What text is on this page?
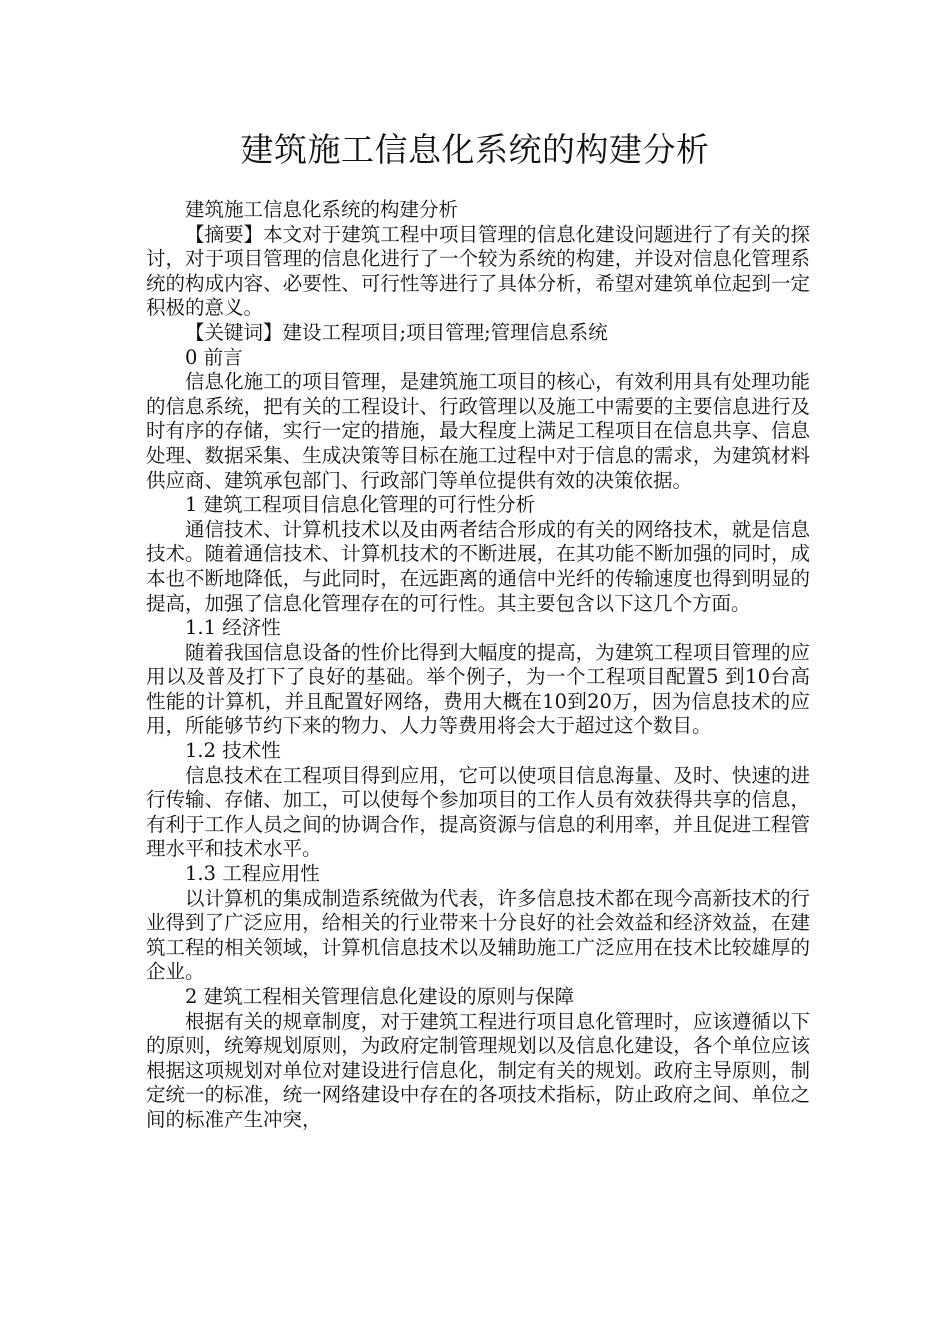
建筑施工信息化系统的构建分析

建筑施工信息化系统的构建分析

【摘要】本文对于建筑工程中项目管理的信息化建设问题进行了有关的探讨，对于项目管理的信息化进行了一个较为系统的构建，并设对信息化管理系统的构成内容、必要性、可行性等进行了具体分析，希望对建筑单位起到一定积极的意义。

【关键词】建设工程项目;项目管理;管理信息系统

0 前言

信息化施工的项目管理，是建筑施工项目的核心，有效利用具有处理功能的信息系统，把有关的工程设计、行政管理以及施工中需要的主要信息进行及时有序的存储，实行一定的措施，最大程度上满足工程项目在信息共享、信息处理、数据采集、生成决策等目标在施工过程中对于信息的需求，为建筑材料供应商、建筑承包部门、行政部门等单位提供有效的决策依据。

1 建筑工程项目信息化管理的可行性分析

通信技术、计算机技术以及由两者结合形成的有关的网络技术，就是信息技术。随着通信技术、计算机技术的不断进展，在其功能不断加强的同时，成本也不断地降低，与此同时，在远距离的通信中光纤的传输速度也得到明显的提高，加强了信息化管理存在的可行性。其主要包含以下这几个方面。

1.1 经济性

随着我国信息设备的性价比得到大幅度的提高，为建筑工程项目管理的应用以及普及打下了良好的基础。举个例子，为一个工程项目配置5 到10台高性能的计算机，并且配置好网络，费用大概在10到20万，因为信息技术的应用，所能够节约下来的物力、人力等费用将会大于超过这个数目。

1.2 技术性

信息技术在工程项目得到应用，它可以使项目信息海量、及时、快速的进行传输、存储、加工，可以使每个参加项目的工作人员有效获得共享的信息，有利于工作人员之间的协调合作，提高资源与信息的利用率，并且促进工程管理水平和技术水平。

1.3 工程应用性

以计算机的集成制造系统做为代表，许多信息技术都在现今高新技术的行业得到了广泛应用，给相关的行业带来十分良好的社会效益和经济效益，在建筑工程的相关领域，计算机信息技术以及辅助施工广泛应用在技术比较雄厚的企业。

2 建筑工程相关管理信息化建设的原则与保障

根据有关的规章制度，对于建筑工程进行项目息化管理时，应该遵循以下的原则，统筹规划原则，为政府定制管理规划以及信息化建设，各个单位应该根据这项规划对单位对建设进行信息化，制定有关的规划。政府主导原则，制定统一的标准，统一网络建设中存在的各项技术指标，防止政府之间、单位之间的标准产生冲突，
